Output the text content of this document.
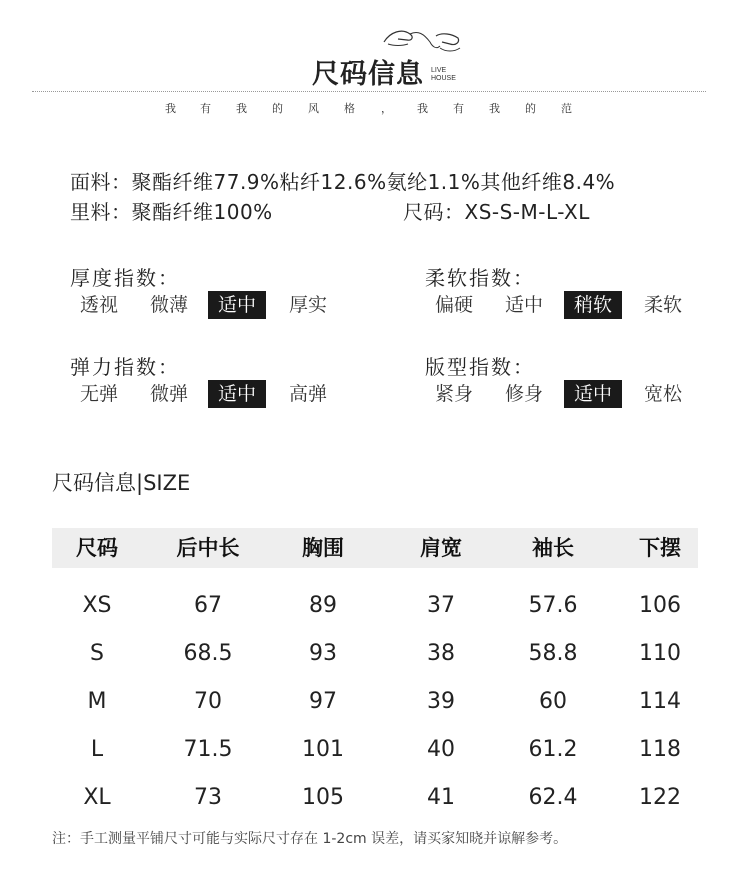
尺码信息 LIVE
HOUSE
我 有 我 的 风 格 ， 我 有 我 的 范
面料：聚酯纤维77.9%粘纤12.6%氨纶1.1%其他纤维8.4%
里料：聚酯纤维100%	尺码：XS-S-M-L-XL
厚度指数：
透视	微薄	适中	厚实
柔软指数：
偏硬	适中	稍软	柔软
弹力指数：
无弹	微弹	适中	高弹
版型指数：
紧身	修身	适中	宽松
尺码信息|SIZE
尺码	后中长	胸围	肩宽	袖长	下摆
XS	67	89	37	57.6	106
S	68.5	93	38	58.8	110
M	70	97	39	60	114
L	71.5	101	40	61.2	118
XL	73	105	41	62.4	122
注：手工测量平铺尺寸可能与实际尺寸存在 1-2cm 误差，请买家知晓并谅解参考。
